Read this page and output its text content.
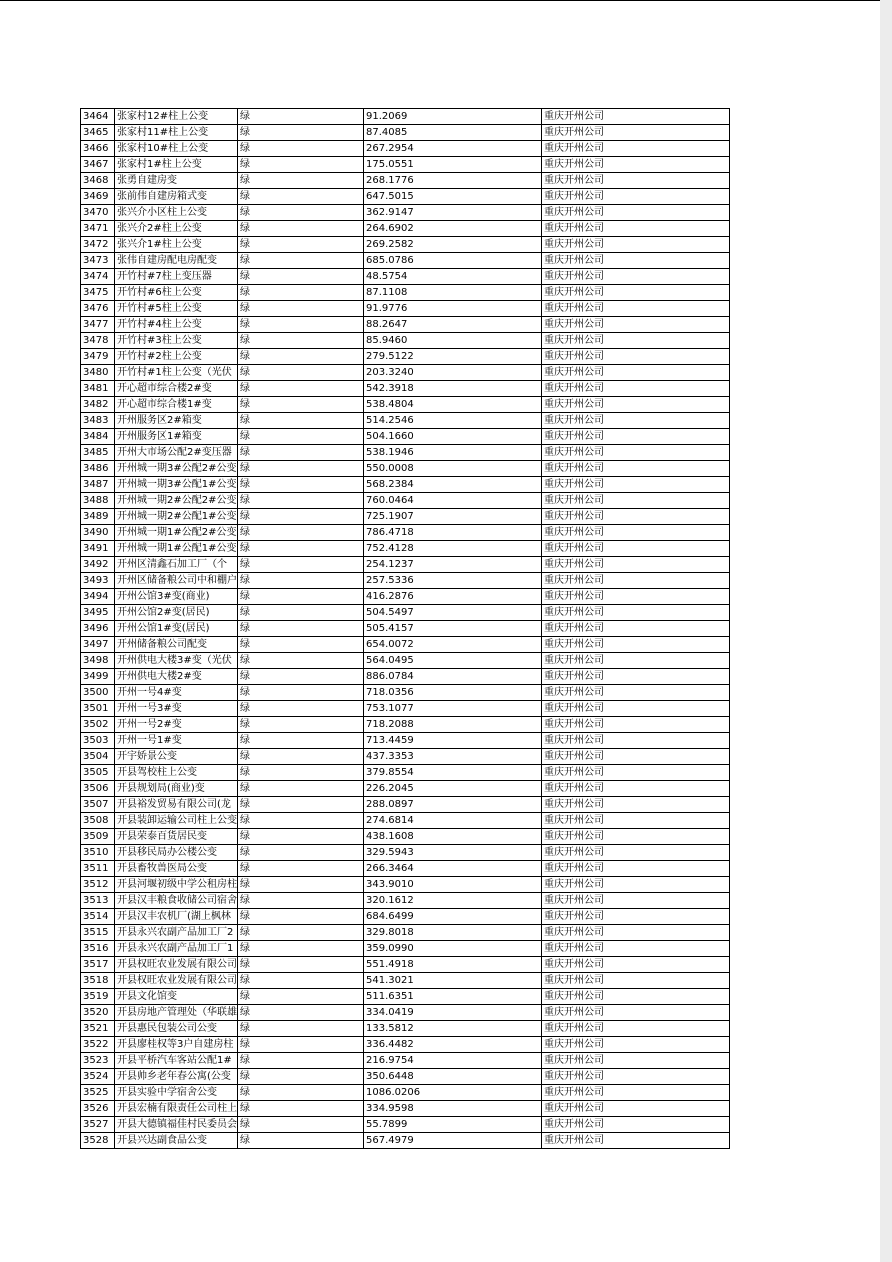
3464	张家村12#柱上公变	绿	91.2069	重庆开州公司
3465	张家村11#柱上公变	绿	87.4085	重庆开州公司
3466	张家村10#柱上公变	绿	267.2954	重庆开州公司
3467	张家村1#柱上公变	绿	175.0551	重庆开州公司
3468	张勇自建房变	绿	268.1776	重庆开州公司
3469	张前伟自建房箱式变	绿	647.5015	重庆开州公司
3470	张兴介小区柱上公变	绿	362.9147	重庆开州公司
3471	张兴介2#柱上公变	绿	264.6902	重庆开州公司
3472	张兴介1#柱上公变	绿	269.2582	重庆开州公司
3473	张伟自建房配电房配变	绿	685.0786	重庆开州公司
3474	开竹村#7柱上变压器	绿	48.5754	重庆开州公司
3475	开竹村#6柱上公变	绿	87.1108	重庆开州公司
3476	开竹村#5柱上公变	绿	91.9776	重庆开州公司
3477	开竹村#4柱上公变	绿	88.2647	重庆开州公司
3478	开竹村#3柱上公变	绿	85.9460	重庆开州公司
3479	开竹村#2柱上公变	绿	279.5122	重庆开州公司
3480	开竹村#1柱上公变（光伏	绿	203.3240	重庆开州公司
3481	开心超市综合楼2#变	绿	542.3918	重庆开州公司
3482	开心超市综合楼1#变	绿	538.4804	重庆开州公司
3483	开州服务区2#箱变	绿	514.2546	重庆开州公司
3484	开州服务区1#箱变	绿	504.1660	重庆开州公司
3485	开州大市场公配2#变压器	绿	538.1946	重庆开州公司
3486	开州城一期3#公配2#公变	绿	550.0008	重庆开州公司
3487	开州城一期3#公配1#公变	绿	568.2384	重庆开州公司
3488	开州城一期2#公配2#公变	绿	760.0464	重庆开州公司
3489	开州城一期2#公配1#公变	绿	725.1907	重庆开州公司
3490	开州城一期1#公配2#公变	绿	786.4718	重庆开州公司
3491	开州城一期1#公配1#公变	绿	752.4128	重庆开州公司
3492	开州区清鑫石加工厂（个	绿	254.1237	重庆开州公司
3493	开州区储备粮公司中和棚户	绿	257.5336	重庆开州公司
3494	开州公馆3#变(商业)	绿	416.2876	重庆开州公司
3495	开州公馆2#变(居民)	绿	504.5497	重庆开州公司
3496	开州公馆1#变(居民)	绿	505.4157	重庆开州公司
3497	开州储备粮公司配变	绿	654.0072	重庆开州公司
3498	开州供电大楼3#变（光伏	绿	564.0495	重庆开州公司
3499	开州供电大楼2#变	绿	886.0784	重庆开州公司
3500	开州一号4#变	绿	718.0356	重庆开州公司
3501	开州一号3#变	绿	753.1077	重庆开州公司
3502	开州一号2#变	绿	718.2088	重庆开州公司
3503	开州一号1#变	绿	713.4459	重庆开州公司
3504	开宇娇景公变	绿	437.3353	重庆开州公司
3505	开县驾校柱上公变	绿	379.8554	重庆开州公司
3506	开县规划局(商业)变	绿	226.2045	重庆开州公司
3507	开县裕发贸易有限公司(龙	绿	288.0897	重庆开州公司
3508	开县装卸运输公司柱上公变	绿	274.6814	重庆开州公司
3509	开县荣泰百货居民变	绿	438.1608	重庆开州公司
3510	开县移民局办公楼公变	绿	329.5943	重庆开州公司
3511	开县畜牧兽医局公变	绿	266.3464	重庆开州公司
3512	开县河堰初级中学公租房柱	绿	343.9010	重庆开州公司
3513	开县汉丰粮食收储公司宿舍	绿	320.1612	重庆开州公司
3514	开县汉丰农机厂(湖上枫林	绿	684.6499	重庆开州公司
3515	开县永兴农副产品加工厂2	绿	329.8018	重庆开州公司
3516	开县永兴农副产品加工厂1	绿	359.0990	重庆开州公司
3517	开县权旺农业发展有限公司	绿	551.4918	重庆开州公司
3518	开县权旺农业发展有限公司	绿	541.3021	重庆开州公司
3519	开县文化馆变	绿	511.6351	重庆开州公司
3520	开县房地产管理处（华联雄	绿	334.0419	重庆开州公司
3521	开县惠民包装公司公变	绿	133.5812	重庆开州公司
3522	开县廖桂权等3户自建房柱	绿	336.4482	重庆开州公司
3523	开县平桥汽车客站公配1#	绿	216.9754	重庆开州公司
3524	开县帅乡老年春公寓(公变	绿	350.6448	重庆开州公司
3525	开县实验中学宿舍公变	绿	1086.0206	重庆开州公司
3526	开县宏楠有限责任公司柱上	绿	334.9598	重庆开州公司
3527	开县大德镇福佳村民委员会	绿	55.7899	重庆开州公司
3528	开县兴达副食品公变	绿	567.4979	重庆开州公司
